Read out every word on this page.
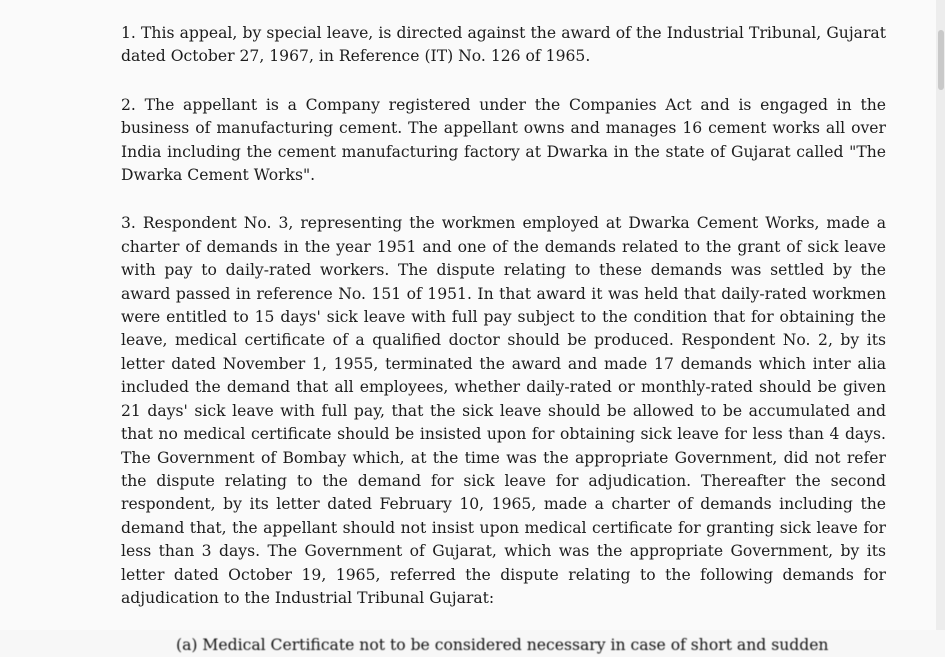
1. This appeal, by special leave, is directed against the award of the Industrial Tribunal, Gujarat dated October 27, 1967, in Reference (IT) No. 126 of 1965.

2. The appellant is a Company registered under the Companies Act and is engaged in the business of manufacturing cement. The appellant owns and manages 16 cement works all over India including the cement manufacturing factory at Dwarka in the state of Gujarat called "The Dwarka Cement Works".

3. Respondent No. 3, representing the workmen employed at Dwarka Cement Works, made a charter of demands in the year 1951 and one of the demands related to the grant of sick leave with pay to daily-rated workers. The dispute relating to these demands was settled by the award passed in reference No. 151 of 1951. In that award it was held that daily-rated workmen were entitled to 15 days' sick leave with full pay subject to the condition that for obtaining the leave, medical certificate of a qualified doctor should be produced. Respondent No. 2, by its letter dated November 1, 1955, terminated the award and made 17 demands which inter alia included the demand that all employees, whether daily-rated or monthly-rated should be given 21 days' sick leave with full pay, that the sick leave should be allowed to be accumulated and that no medical certificate should be insisted upon for obtaining sick leave for less than 4 days. The Government of Bombay which, at the time was the appropriate Government, did not refer the dispute relating to the demand for sick leave for adjudication. Thereafter the second respondent, by its letter dated February 10, 1965, made a charter of demands including the demand that, the appellant should not insist upon medical certificate for granting sick leave for less than 3 days. The Government of Gujarat, which was the appropriate Government, by its letter dated October 19, 1965, referred the dispute relating to the following demands for adjudication to the Industrial Tribunal Gujarat:

(a) Medical Certificate not to be considered necessary in case of short and sudden
